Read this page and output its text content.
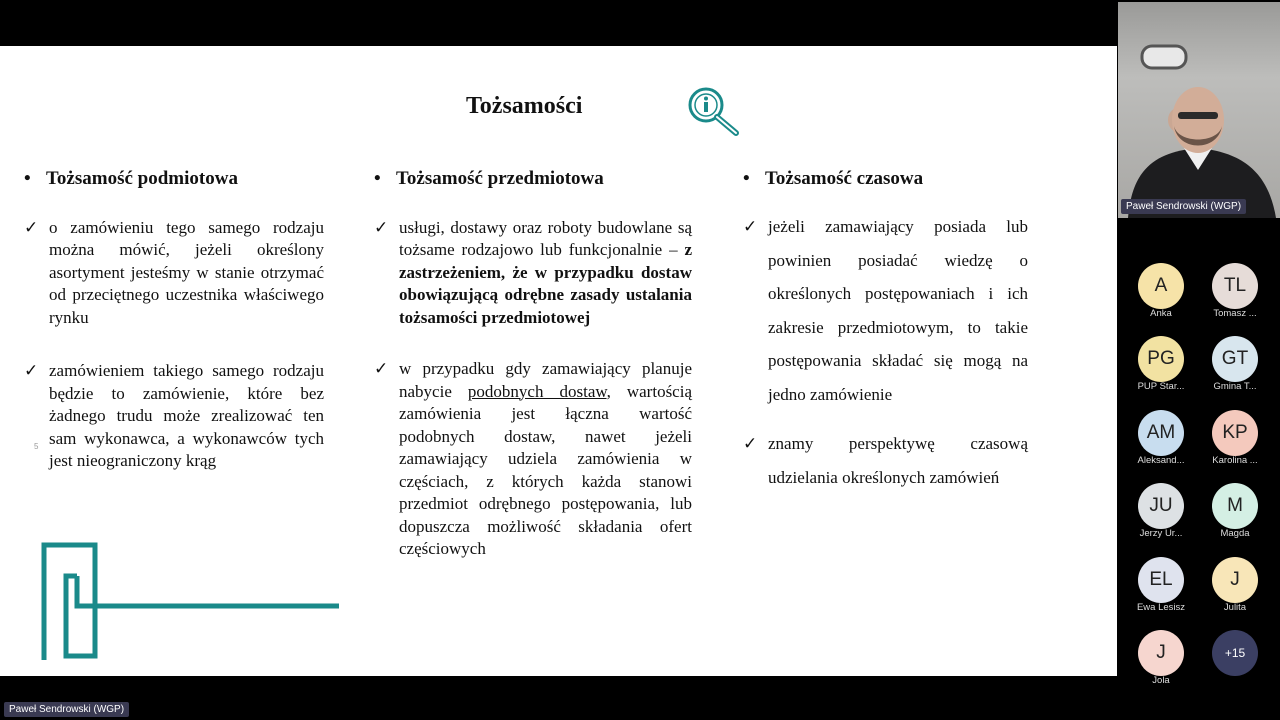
Tożsamości

• Tożsamość podmiotowa

✓ o zamówieniu tego samego rodzaju można mówić, jeżeli określony asortyment jesteśmy w stanie otrzymać od przeciętnego uczestnika właściwego rynku
✓ zamówieniem takiego samego rodzaju będzie to zamówienie, które bez żadnego trudu może zrealizować ten sam wykonawca, a wykonawców tych jest nieograniczony krąg

• Tożsamość przedmiotowa

✓ usługi, dostawy oraz roboty budowlane są tożsame rodzajowo lub funkcjonalnie – z zastrzeżeniem, że w przypadku dostaw obowiązującą odrębne zasady ustalania tożsamości przedmiotowej
✓ w przypadku gdy zamawiający planuje nabycie podobnych dostaw, wartością zamówienia jest łączna wartość podobnych dostaw, nawet jeżeli zamawiający udziela zamówienia w częściach, z których każda stanowi przedmiot odrębnego postępowania, lub dopuszcza możliwość składania ofert częściowych

• Tożsamość czasowa

✓ jeżeli zamawiający posiada lub powinien posiadać wiedzę o określonych postępowaniach i ich zakresie przedmiotowym, to takie postępowania składać się mogą na jedno zamówienie
✓ znamy perspektywę czasową udzielania określonych zamówień
5
Paweł Sendrowski (WGP)
Paweł Sendrowski (WGP)
A
Anka
TL
Tomasz ...
PG
PUP Star...
GT
Gmina T...
AM
Aleksand...
KP
Karolina ...
JU
Jerzy Ur...
M
Magda
EL
Ewa Lesisz
J
Julita
J
Jola
+15
